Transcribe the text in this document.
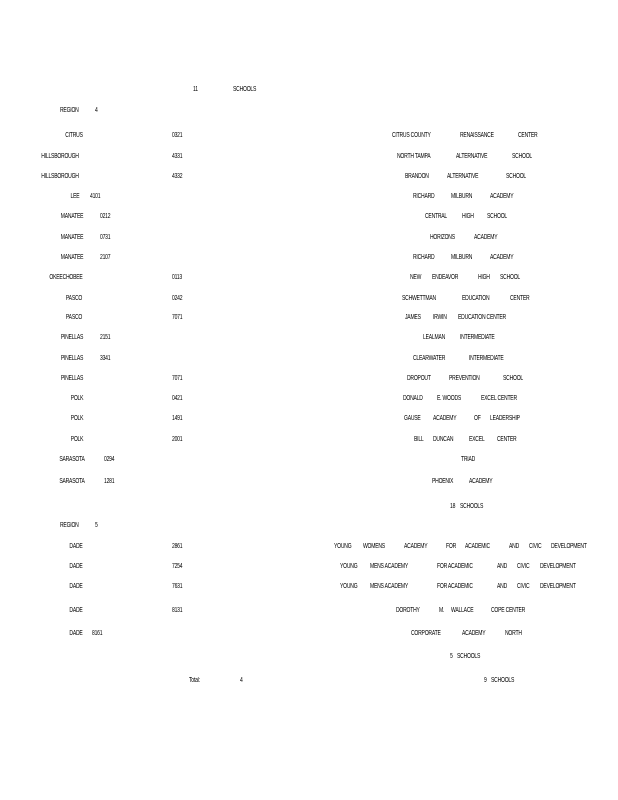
11	SCHOOLS
Total:	4	9 SCHOOLS
REGION 4
CITRUS	0321	CITRUS COUNTY	RENAISSANCE	CENTER
HILLSBOROUGH	4331	NORTH TAMPA	ALTERNATIVE	SCHOOL
HILLSBOROUGH	4332	BRANDON	ALTERNATIVE	SCHOOL
LEE 4101	RICHARD MILBURN	ACADEMY
MANATEE 0212	CENTRAL HIGH SCHOOL
MANATEE 0731	HORIZONS	ACADEMY
MANATEE 2107	RICHARD MILBURN	ACADEMY
OKEECHOBEE	0113	NEW ENDEAVOR	HIGH SCHOOL
PASCO	0242	SCHWETTMAN	EDUCATION	CENTER
PASCO	7071	JAMES IRWIN EDUCATION CENTER
PINELLAS 2151	LEALMAN INTERMEDIATE
PINELLAS 3341	CLEARWATER	INTERMEDIATE
PINELLAS	7071	DROPOUT	PREVENTION	SCHOOL
POLK	0421	DONALD E. WOODS	EXCEL CENTER
POLK	1491	GAUSE ACADEMY	OF LEADERSHIP
POLK	2001	BILL DUNCAN EXCEL CENTER
SARASOTA	0294	TRIAD
SARASOTA	1281	PHOENIX ACADEMY
18 SCHOOLS
REGION 5
DADE	2861	YOUNG WOMENS	ACADEMY	FOR ACADEMIC	AND CIVIC DEVELOPMENT
DADE	7254	YOUNG MENS ACADEMY	FOR ACADEMIC	AND CIVIC DEVELOPMENT
DADE	7631	YOUNG MENS ACADEMY	FOR ACADEMIC	AND CIVIC DEVELOPMENT
DADE	8131	DOROTHY	M. WALLACE	COPE CENTER
DADE 8161	CORPORATE	ACADEMY	NORTH
5 SCHOOLS
